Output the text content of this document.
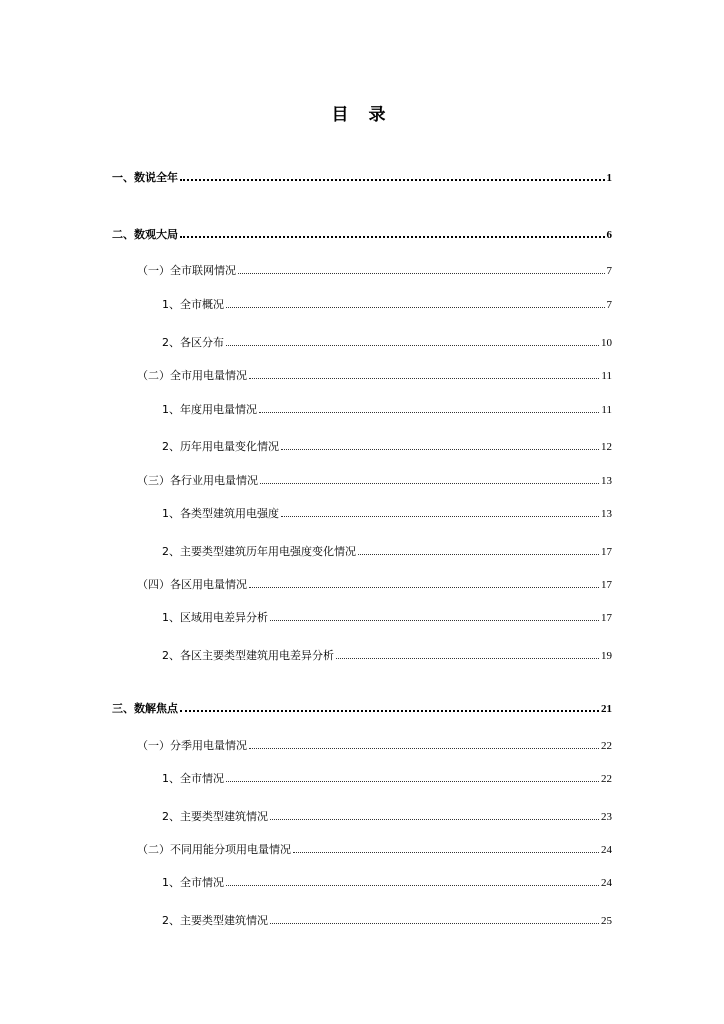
目 录
一、数说全年	1
二、数观大局	6
（一）全市联网情况	7
1、全市概况	7
2、各区分布	10
（二）全市用电量情况	11
1、年度用电量情况	11
2、历年用电量变化情况	12
（三）各行业用电量情况	13
1、各类型建筑用电强度	13
2、主要类型建筑历年用电强度变化情况	17
（四）各区用电量情况	17
1、区域用电差异分析	17
2、各区主要类型建筑用电差异分析	19
三、数解焦点	21
（一）分季用电量情况	22
1、全市情况	22
2、主要类型建筑情况	23
（二）不同用能分项用电量情况	24
1、全市情况	24
2、主要类型建筑情况	25
